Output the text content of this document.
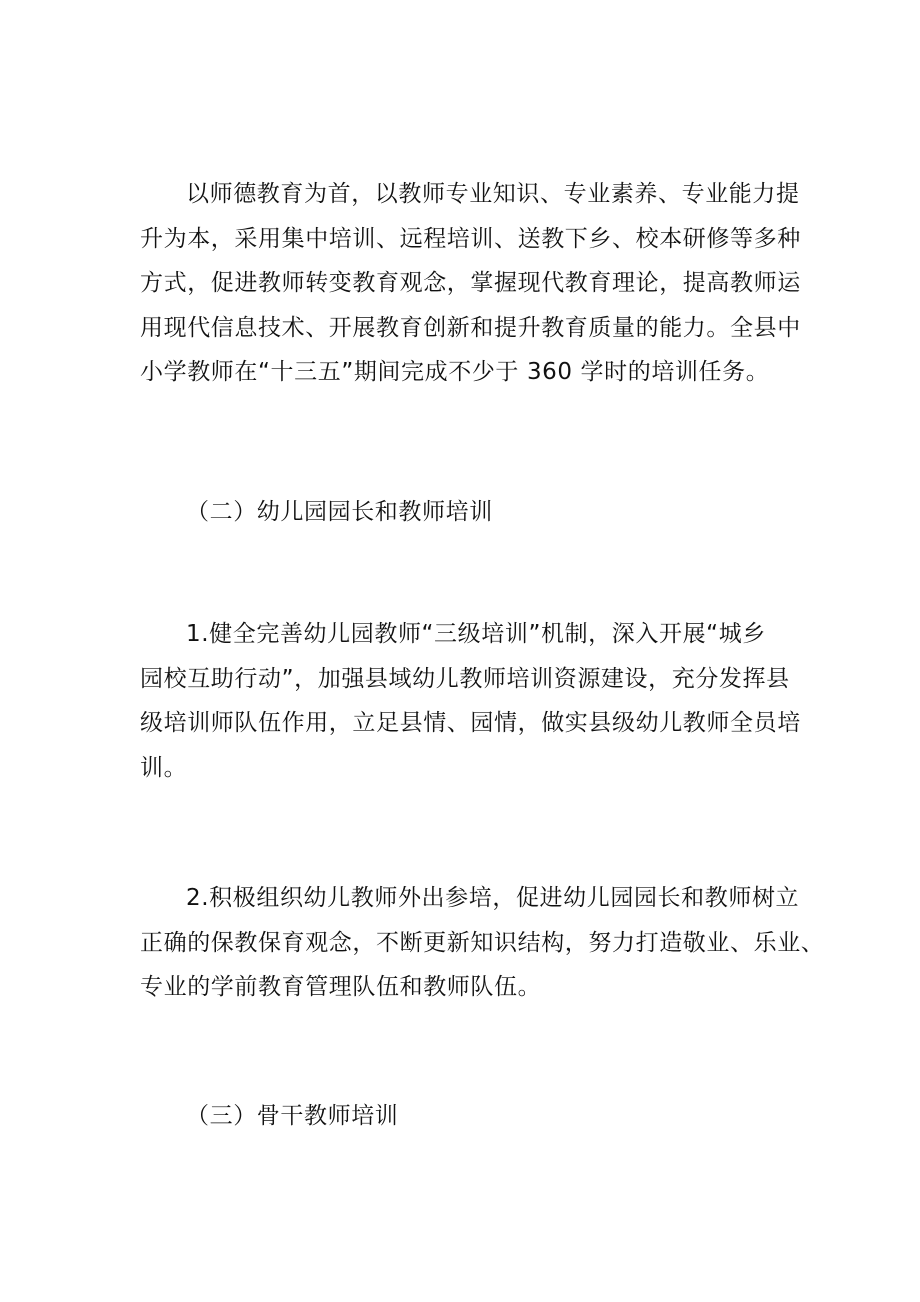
以师德教育为首，以教师专业知识、专业素养、专业能力提
升为本，采用集中培训、远程培训、送教下乡、校本研修等多种
方式，促进教师转变教育观念，掌握现代教育理论，提高教师运
用现代信息技术、开展教育创新和提升教育质量的能力。全县中
小学教师在“十三五”期间完成不少于 360 学时的培训任务。

（二）幼儿园园长和教师培训

1.健全完善幼儿园教师“三级培训”机制，深入开展“城乡
园校互助行动”，加强县域幼儿教师培训资源建设，充分发挥县
级培训师队伍作用，立足县情、园情，做实县级幼儿教师全员培
训。

2.积极组织幼儿教师外出参培，促进幼儿园园长和教师树立
正确的保教保育观念，不断更新知识结构，努力打造敬业、乐业、
专业的学前教育管理队伍和教师队伍。

（三）骨干教师培训
